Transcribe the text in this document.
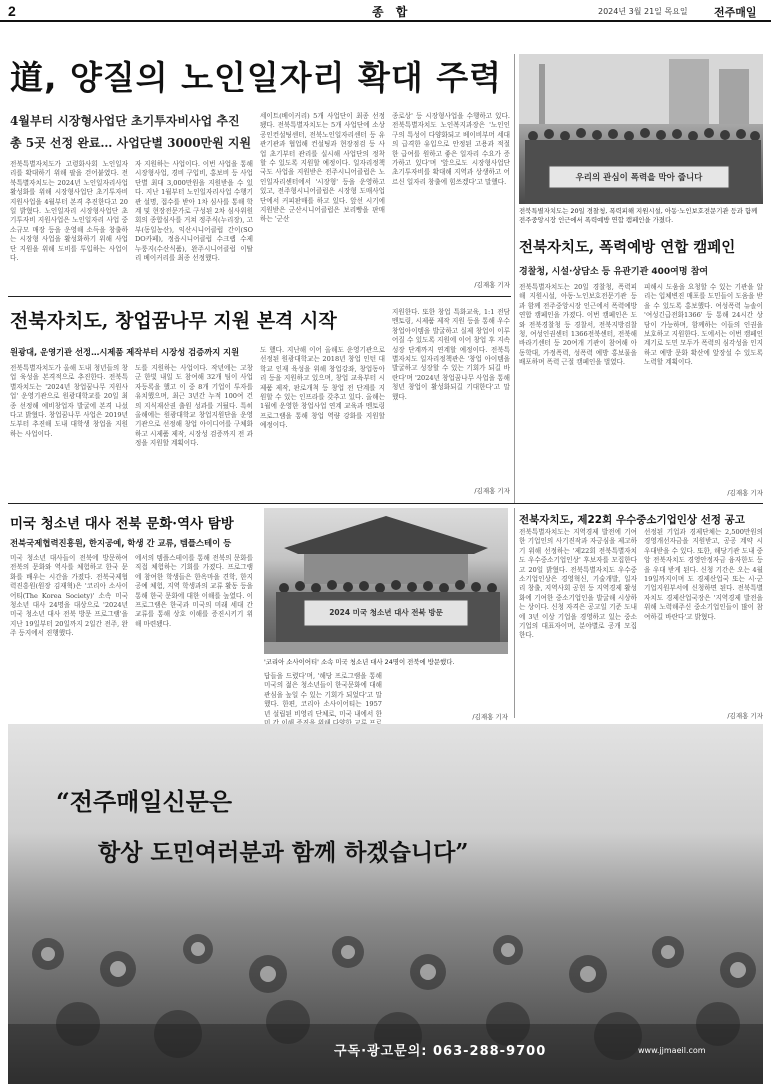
2	종 합	2024년 3월 21일 목요일 전주매일
道, 양질의 노인일자리 확대 주력
4월부터 시장형사업단 초기투자비사업 추진
총 5곳 선정 완료… 사업단별 3000만원 지원
전북특별자치도가 고령화사회 노인일자리를 확대하기 위해 팔을 걷어붙였다. 전북특별자치도는 2024년 노인일자리사업 활성화를 위해 시장형사업단 초기투자비 지원사업을 4월부터 본격 추진한다고 20일 밝혔다. 노인일자리 시장형사업단 초기투자비 지원사업은 노인일자리 사업 중 소규모 매장 등을 운영해 소득을 창출하는 시장형 사업을 활성화하기 위해 사업단 지원을 위해 도비를 투입하는 사업이다.
자 지원하는 사업이다. 이번 사업을 통해 시장형사업, 경비 구입비, 홍보비 등 사업단별 최대 3,000만원을 지원받을 수 있다. 지난 1월부터 노인일자리사업 수행기관 설명, 접수를 받아 1차 심사를 통해 학계 및 현장전문가로 구성된 2차 심사위원회의 종합심사를 거쳐 정주식(누리장), 고부(동일농산), 익산시니어클럽 간이(SODO카페), 정읍시니어클럽 수크랩 수제 누룽지(수산식품), 완주시니어클럽 이탈리 베이커리를 최종 선정했다.
세이트(베이커리) 5개 사업단이 최종 선정됐다. 전북특별자치도는 5개 사업단에 소상공인컨설팅센터, 전북노인일자리센터 등 유관기관과 협업해 컨설팅과 현장점검 등 사업 초기부터 관리를 실시해 사업단의 정착할 수 있도록 지원할 예정이다. 일자리정책국도 사업을 지원받은 전주시니어클럽은 노인일자리센터에서 '시장형' 등을 운영하고 있고, 전주형시니어클럽은 시장형 도매사업단에서 커피판매를 하고 있다. 앞선 시기에 지원받은 군산시니어클럽은 보리빵을 판매하는 '군산
종로상' 등 시장형사업을 수행하고 있다. 전북특별자치도 노인복지과장은 '노인인구의 특성이 다양화되고 베이비부머 세대의 급격한 유입으로 안정된 고용과 적절한 급여를 원하고 좋은 일자리 수요가 증가하고 있다'며 '앞으로도 시장형사업단 초기투자비를 확대해 지역과 상생하고 어르신 일자리 창출에 힘쓰겠다'고 말했다.
/김재홍 기자
우리의 관심이 폭력을 막아 줍니다
전북특별자치도는 20일 경찰청, 폭력피해 지원시설, 아동·노인보호전문기관 등과 함께 전주중앙시장 인근에서 폭력예방 연합 캠페인을 가졌다.
전북자치도, 폭력예방 연합 캠페인
경찰청, 시설·상담소 등 유관기관 400여명 참여
전북특별자치도는 20일 경찰청, 폭력피해 지원시설, 아동·노인보호전문기관 등과 함께 전주중앙시장 인근에서 폭력예방 연합 캠페인을 가졌다. 이번 캠페인은 도와 전북경찰청 등 경찰서, 전북지방검찰청, 여성인권센터 1366전북센터, 전북해바라기센터 등 20여개 기관이 참여해 아동학대, 가정폭력, 성폭력 예방 홍보물을 배포하며 폭력 근절 캠페인을 벌였다.
피해시 도움을 요청할 수 있는 기관을 알리는 입체변진 매포를 도민들이 도움을 받을 수 있도록 홍보했다. 여성폭력 뉴솔이 '여성긴급전화1366' 등 통해 24시간 상담이 가능하며, 함께하는 이들의 인권을 보호하고 지원한다. 도에서는 이번 캠페인 계기로 도민 모두가 폭력의 심각성을 인지하고 예방 문화 확산에 앞장설 수 있도록 노력할 계획이다.
/김재홍 기자
전북자치도, 창업꿈나무 지원 본격 시작
원광대, 운영기관 선정…시제품 제작부터 시장성 검증까지 지원
전북특별자치도가 올해 도내 청년들의 창업 육성을 본격적으로 추진한다. 전북특별자치도는 '2024년 창업꿈나무 지원사업' 운영기관으로 원광대학교를 20일 최종 선정해 예비창업자 발굴에 본격 나섰다고 밝혔다. 창업꿈나무 사업은 2019년도부터 추진해 도내 대학생 창업을 지원하는 사업이다.
도를 지원하는 사업이다. 작년에는 고창군 한빛 내일 도 참여해 32개 팀이 사업자등록을 했고 이 중 8개 기업이 투자를 유치했으며, 최근 3년간 누적 100여 건의 지식재산권 출원 성과를 거뒀다. 특히 올해에는 원광대학교 창업지원단을 운영기관으로 선정해 창업 아이디어를 구체화하고 시제품 제작, 시장성 검증까지 전 과정을 지원할 계획이다.
도 했다. 지난해 이어 올해도 운영기관으로 선정된 원광대학교는 2018년 창업 인턴 대학교 인재 육성을 위해 창업강좌, 창업동아리 등을 지원하고 있으며, 창업 교육부터 시제품 제작, 판로개척 등 창업 전 단계를 지원할 수 있는 인프라를 갖추고 있다. 올해는 1월에 운영한 창업사업 연계 교육과 멘토링 프로그램을 통해 창업 역량 강화를 지원할 예정이다.
지원한다. 또한 창업 특화교육, 1:1 전담멘토링, 시제품 제작 지원 등을 통해 우수 창업아이템을 발굴하고 실제 창업이 이루어질 수 있도록 지원에 이어 창업 후 지속성장 단계까지 연계할 예정이다. 전북특별자치도 일자리정책관은 '창업 아이템을 발굴하고 성장할 수 있는 기회가 되길 바란다'며 '2024년 창업꿈나무 사업을 통해 청년 창업이 활성화되길 기대한다'고 말했다.
/김재홍 기자
미국 청소년 대사 전북 문화·역사 탐방
전북국제협력진흥원, 한지공예, 학생 간 교류, 템플스테이 등
미국 청소년 대사들이 전북에 방문하여 전북의 문화와 역사를 체험하고 한국 문화를 배우는 시간을 가졌다. 전북국제협력진흥원(원장 김재혁)은 '코리아 소사이어티(The Korea Society)' 소속 미국 청소년 대사 24명을 대상으로 '2024년 미국 청소년 대사 전북 방문 프로그램'을 지난 19일부터 20일까지 2일간 전주, 완주 등지에서 진행했다.
에서의 템플스테이를 통해 전북의 문화를 직접 체험하는 기회를 가졌다. 프로그램에 참여한 학생들은 한옥마을 견학, 한지 공예 체험, 지역 학생과의 교류 활동 등을 통해 한국 문화에 대한 이해를 높였다. 이 프로그램은 한국과 미국의 미래 세대 간 교류를 통해 상호 이해를 증진시키기 위해 마련됐다.
2024 미국 청소년 대사 전북 방문
'코리아 소사이어티' 소속 미국 청소년 대사 24명이 전북에 방문했다.
답들을 드렸다'며, '해당 프로그램을 통해 미국의 젊은 청소년들이 한국문화에 대해 관심을 높일 수 있는 기회가 되었다'고 말했다. 한편, 코리아 소사이어티는 1957년 설립된 비영리 단체로, 미국 내에서 한	/김재홍 기자
전북자치도, 제22회 우수중소기업인상 선정 공고
전북특별자치도는 지역경제 발전에 기여한 기업인의 사기진작과 자긍심을 제고하기 위해 선정하는 '제22회 전북특별자치도 우수중소기업인상' 후보자를 모집한다고 20일 밝혔다. 전북특별자치도 우수중소기업인상은 경영혁신, 기술개발, 일자리 창출, 지역사회 공헌 등 지역경제 활성화에 기여한 중소기업인을 발굴해 시상하는 상이다. 신청 자격은 공고일 기준 도내에 3년 이상 기업을 경영하고 있는 중소기업의 대표자이며, 분야별로 공개 모집한다.
선정된 기업과 경제단체는 2,500만원의 경영개선자금을 지원받고, 공공 계약 시 우대받을 수 있다. 또한, 해당기관 도내 중앙 전북자치도 경영안정자금 융자한도 등을 우대 받게 된다. 신청 기간은 오는 4월 19일까지이며 도 경제산업국 또는 시·군 기업지원부서에 신청하면 된다. 전북특별자치도 경제산업국장은 '지역경제 발전을 위해 노력해주신 중소기업인들이 많이 참여하길 바란다'고 밝혔다.
/김재홍 기자
“전주매일신문은
항상 도민여러분과 함께 하겠습니다”
구독·광고문의: 063-288-9700	www.jjmaeil.com
